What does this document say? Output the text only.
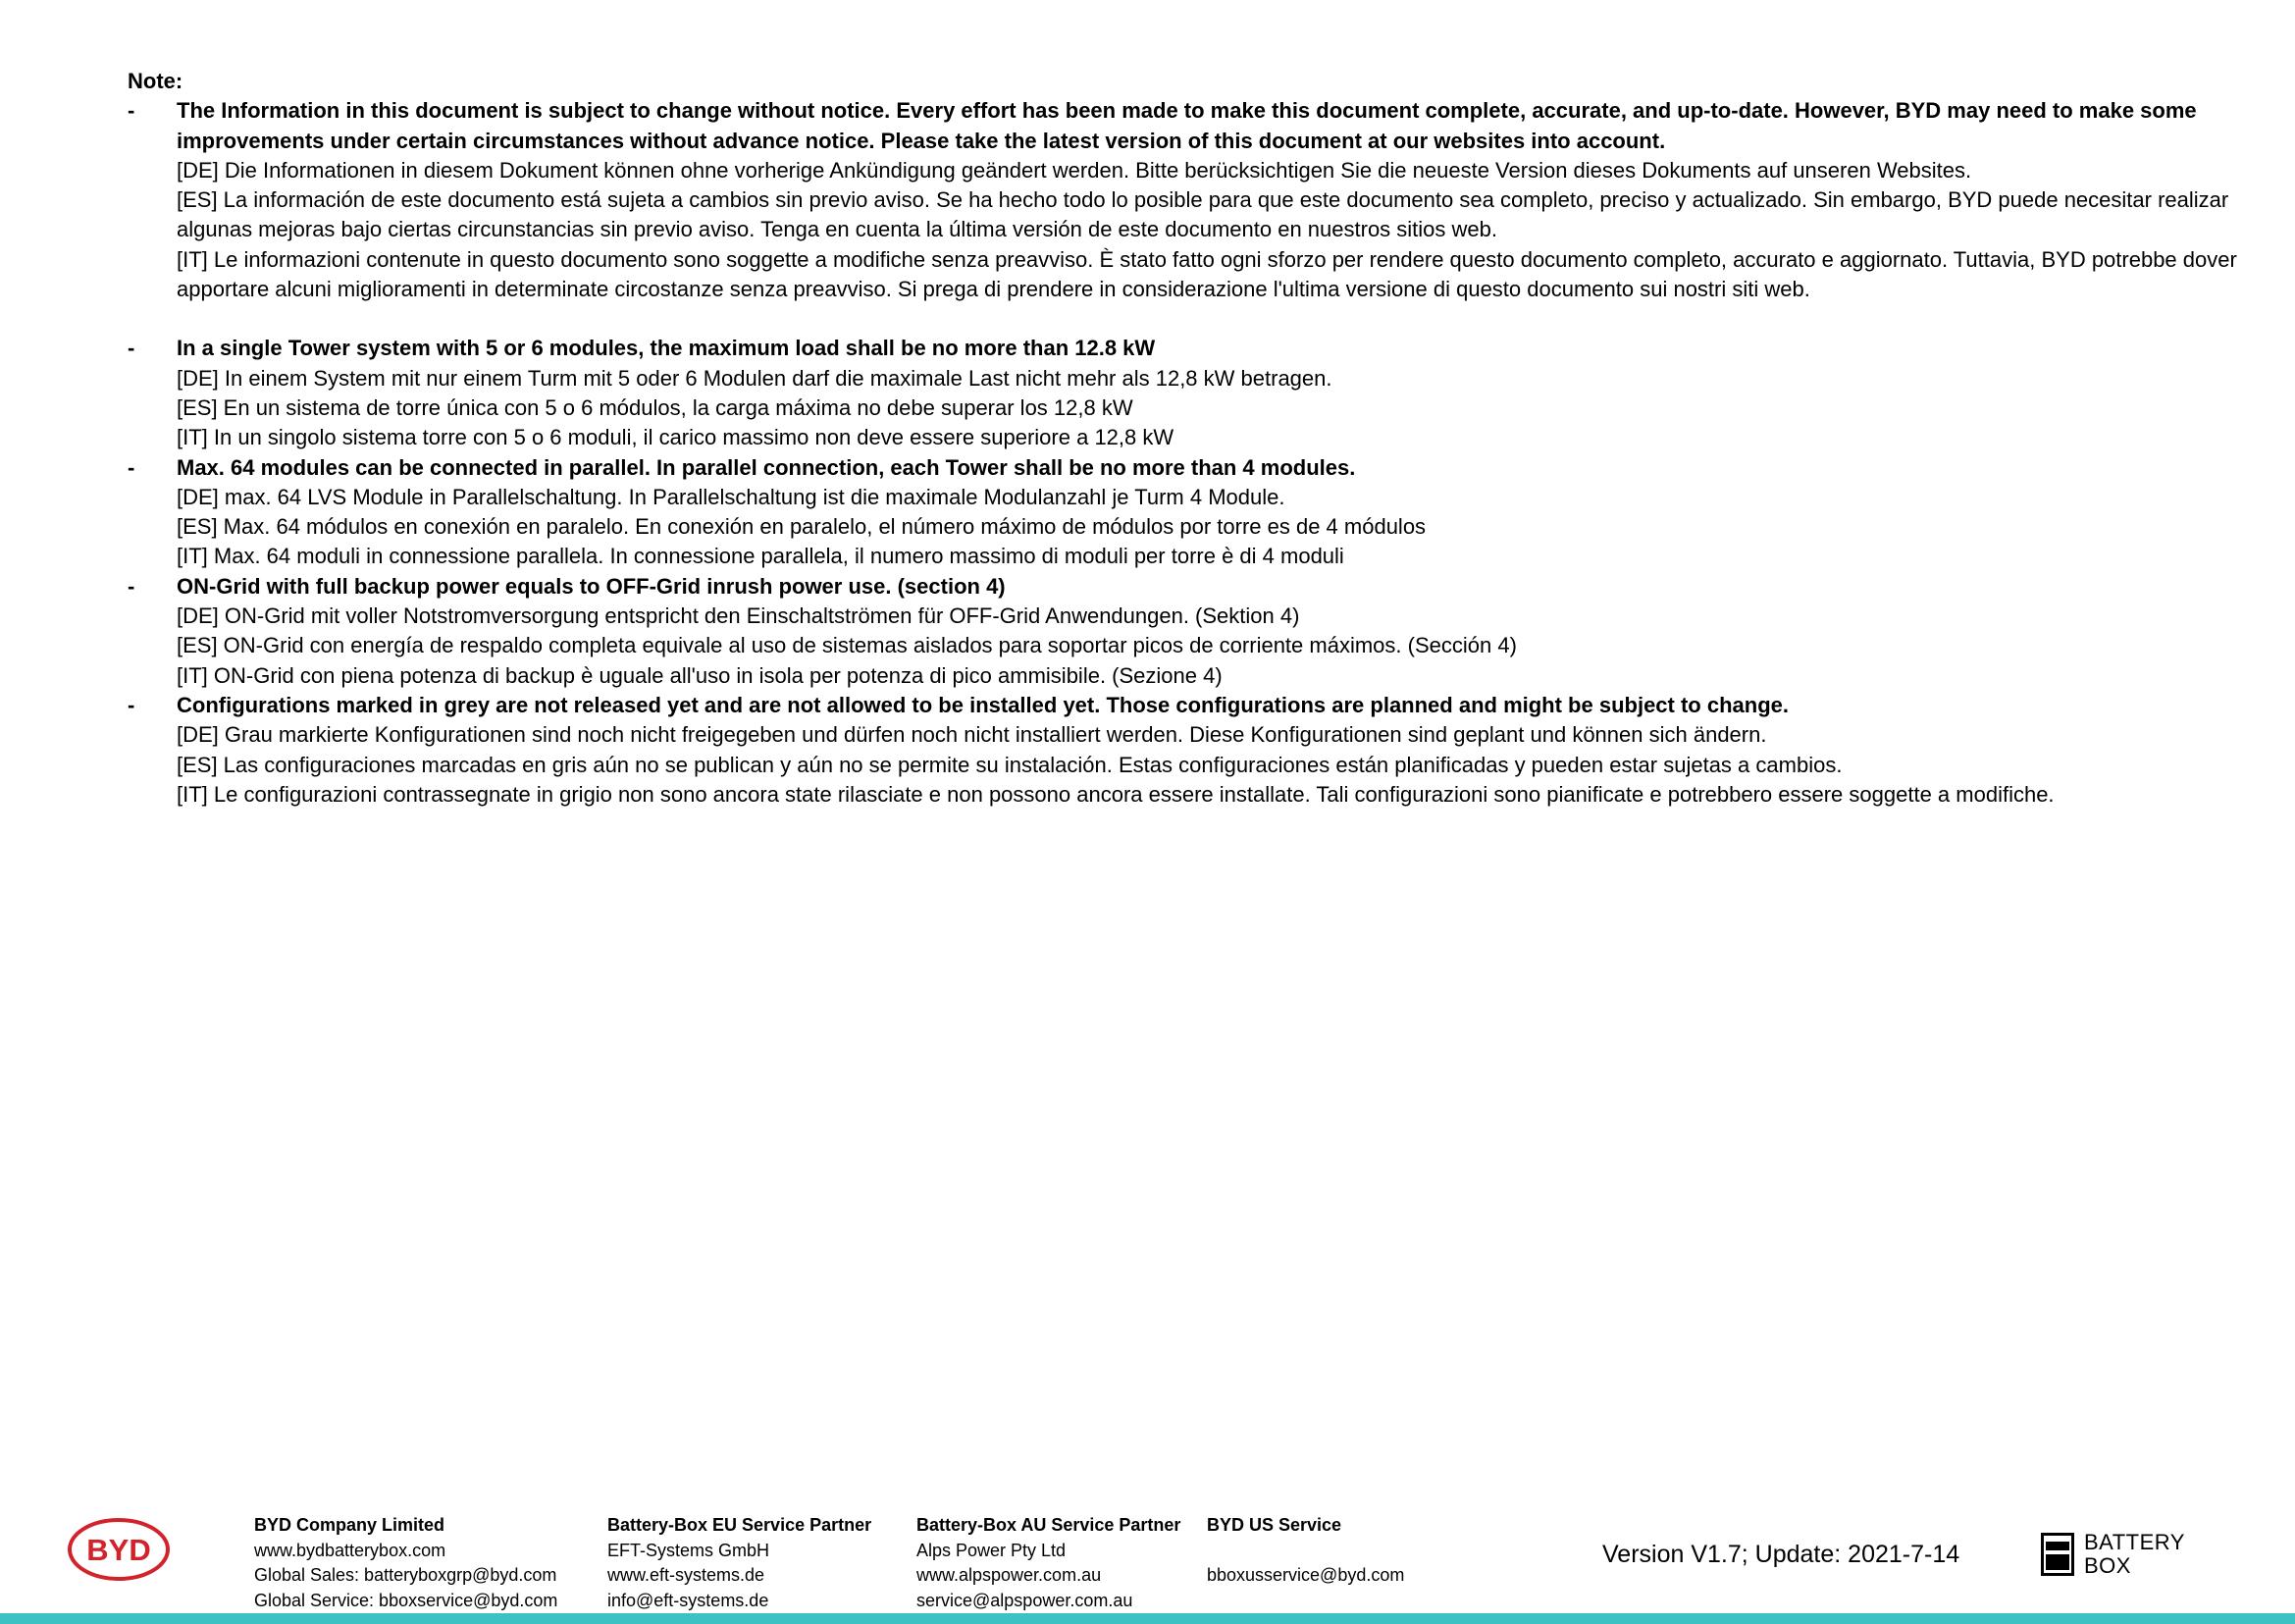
Note:
- The Information in this document is subject to change without notice. Every effort has been made to make this document complete, accurate, and up-to-date. However, BYD may need to make some improvements under certain circumstances without advance notice. Please take the latest version of this document at our websites into account.
[DE] Die Informationen in diesem Dokument können ohne vorherige Ankündigung geändert werden. Bitte berücksichtigen Sie die neueste Version dieses Dokuments auf unseren Websites.
[ES] La información de este documento está sujeta a cambios sin previo aviso. Se ha hecho todo lo posible para que este documento sea completo, preciso y actualizado. Sin embargo, BYD puede necesitar realizar algunas mejoras bajo ciertas circunstancias sin previo aviso. Tenga en cuenta la última versión de este documento en nuestros sitios web.
[IT] Le informazioni contenute in questo documento sono soggette a modifiche senza preavviso. È stato fatto ogni sforzo per rendere questo documento completo, accurato e aggiornato. Tuttavia, BYD potrebbe dover apportare alcuni miglioramenti in determinate circostanze senza preavviso. Si prega di prendere in considerazione l'ultima versione di questo documento sui nostri siti web.
- In a single Tower system with 5 or 6 modules, the maximum load shall be no more than 12.8 kW
[DE] In einem System mit nur einem Turm mit 5 oder 6 Modulen darf die maximale Last nicht mehr als 12,8 kW betragen.
[ES] En un sistema de torre única con 5 o 6 módulos, la carga máxima no debe superar los 12,8 kW
[IT] In un singolo sistema torre con 5 o 6 moduli, il carico massimo non deve essere superiore a 12,8 kW
- Max. 64 modules can be connected in parallel. In parallel connection, each Tower shall be no more than 4 modules.
[DE] max. 64 LVS Module in Parallelschaltung. In Parallelschaltung ist die maximale Modulanzahl je Turm 4 Module.
[ES] Max. 64 módulos en conexión en paralelo. En conexión en paralelo, el número máximo de módulos por torre es de 4 módulos
[IT] Max. 64 moduli in connessione parallela. In connessione parallela, il numero massimo di moduli per torre è di 4 moduli
- ON-Grid with full backup power equals to OFF-Grid inrush power use. (section 4)
[DE] ON-Grid mit voller Notstromversorgung entspricht den Einschaltströmen für OFF-Grid Anwendungen. (Sektion 4)
[ES] ON-Grid con energía de respaldo completa equivale al uso de sistemas aislados para soportar picos de corriente máximos. (Sección 4)
[IT] ON-Grid con piena potenza di backup è uguale all'uso in isola per potenza di pico ammisibile. (Sezione 4)
- Configurations marked in grey are not released yet and are not allowed to be installed yet. Those configurations are planned and might be subject to change.
[DE] Grau markierte Konfigurationen sind noch nicht freigegeben und dürfen noch nicht installiert werden. Diese Konfigurationen sind geplant und können sich ändern.
[ES] Las configuraciones marcadas en gris aún no se publican y aún no se permite su instalación. Estas configuraciones están planificadas y pueden estar sujetas a cambios.
[IT] Le configurazioni contrassegnate in grigio non sono ancora state rilasciate e non possono ancora essere installate. Tali configurazioni sono pianificate e potrebbero essere soggette a modifiche.
BYD
BYD Company Limited
www.bydbatterybox.com
Global Sales: batteryboxgrp@byd.com
Global Service: bboxservice@byd.com
Battery-Box EU Service Partner
EFT-Systems GmbH
www.eft-systems.de
info@eft-systems.de
Battery-Box AU Service Partner
Alps Power Pty Ltd
www.alpspower.com.au
service@alpspower.com.au
BYD US Service

bboxusservice@byd.com
Version V1.7; Update: 2021-7-14	BATTERY
BOX
